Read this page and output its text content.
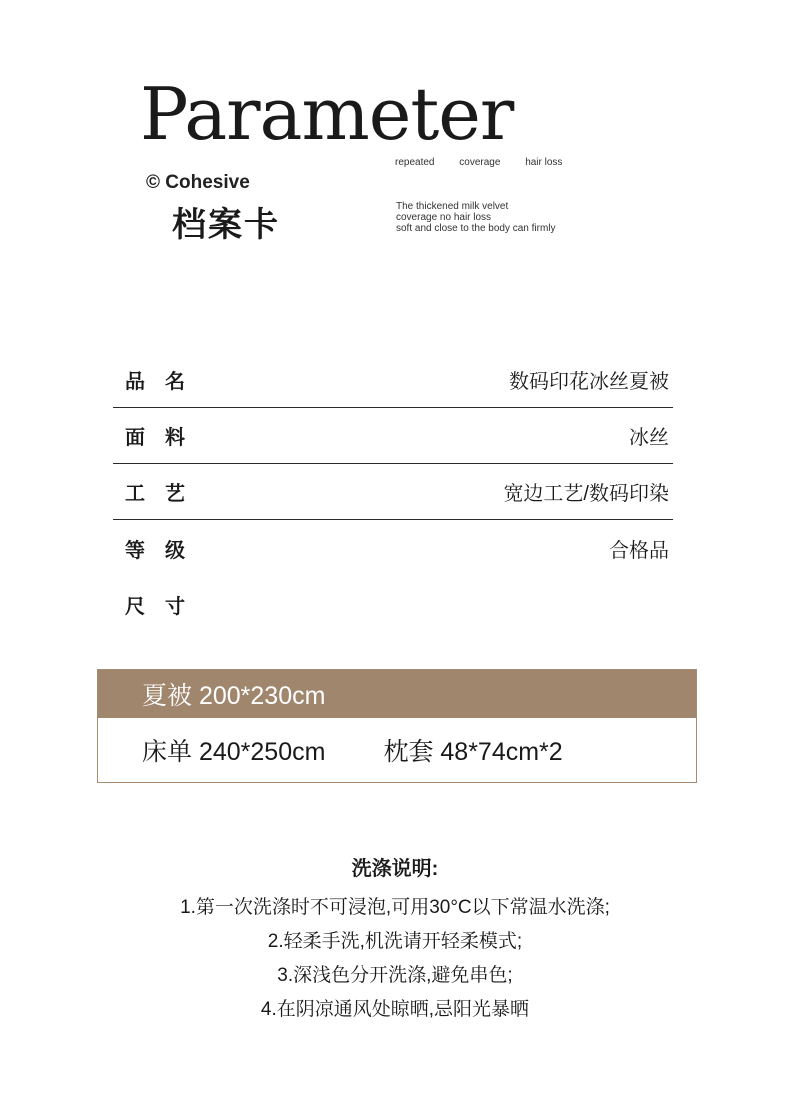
Parameter
repeated coverage hair loss
© Cohesive
档案卡	The thickened milk velvet
coverage no hair loss
soft and close to the body can firmly
品名	数码印花冰丝夏被
面料	冰丝
工艺	宽边工艺/数码印染
等级	合格品
尺寸
夏被 200*230cm
床单 240*250cm 枕套 48*74cm*2
洗涤说明:
1.第一次洗涤时不可浸泡,可用30°C以下常温水洗涤;
2.轻柔手洗,机洗请开轻柔模式;
3.深浅色分开洗涤,避免串色;
4.在阴凉通风处晾晒,忌阳光暴晒
